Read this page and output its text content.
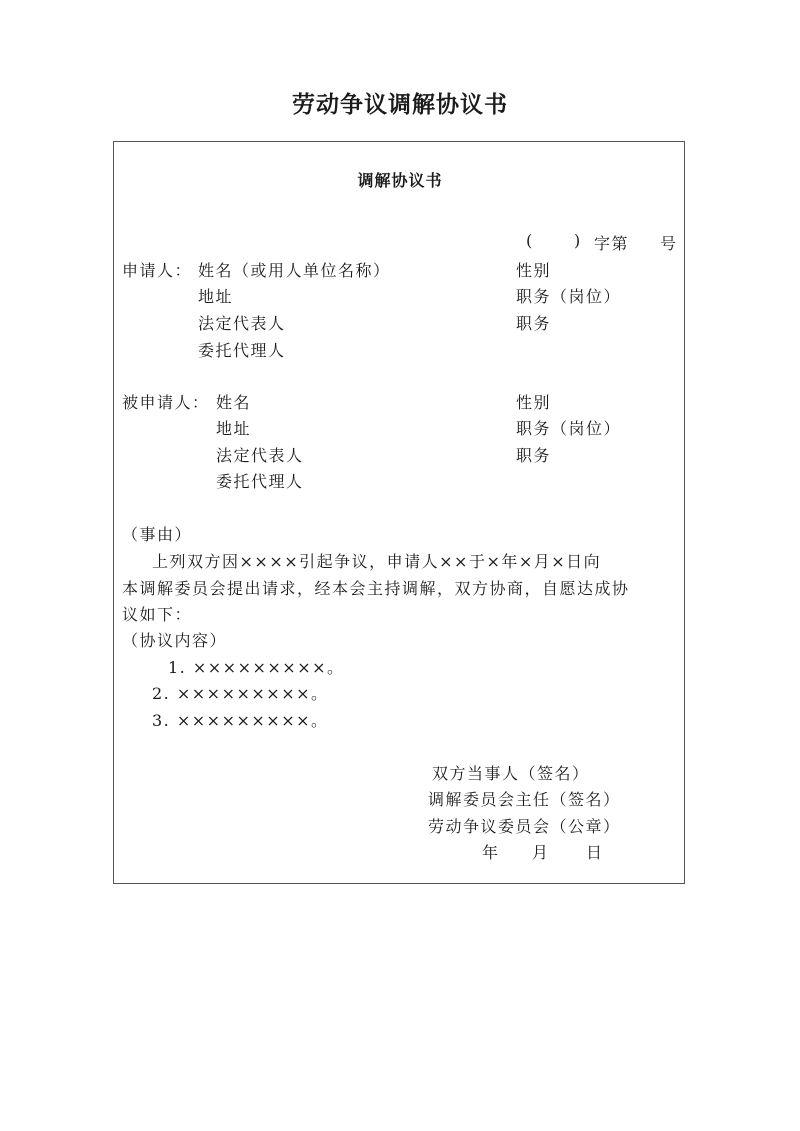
劳动争议调解协议书
调解协议书
(	) 字第 号
申请人： 姓名（或用人单位名称）
地址
法定代表人
委托代理人
性别
职务（岗位）
职务
被申请人： 姓名
地址
法定代表人
委托代理人
性别
职务（岗位）
职务
（事由）
上列双方因××××引起争议，申请人××于×年×月×日向
本调解委员会提出请求，经本会主持调解，双方协商，自愿达成协
议如下：
（协议内容）
1. ×××××××××。
2. ×××××××××。
3. ×××××××××。
双方当事人（签名）
调解委员会主任（签名）
劳动争议委员会（公章）
年 月 日
